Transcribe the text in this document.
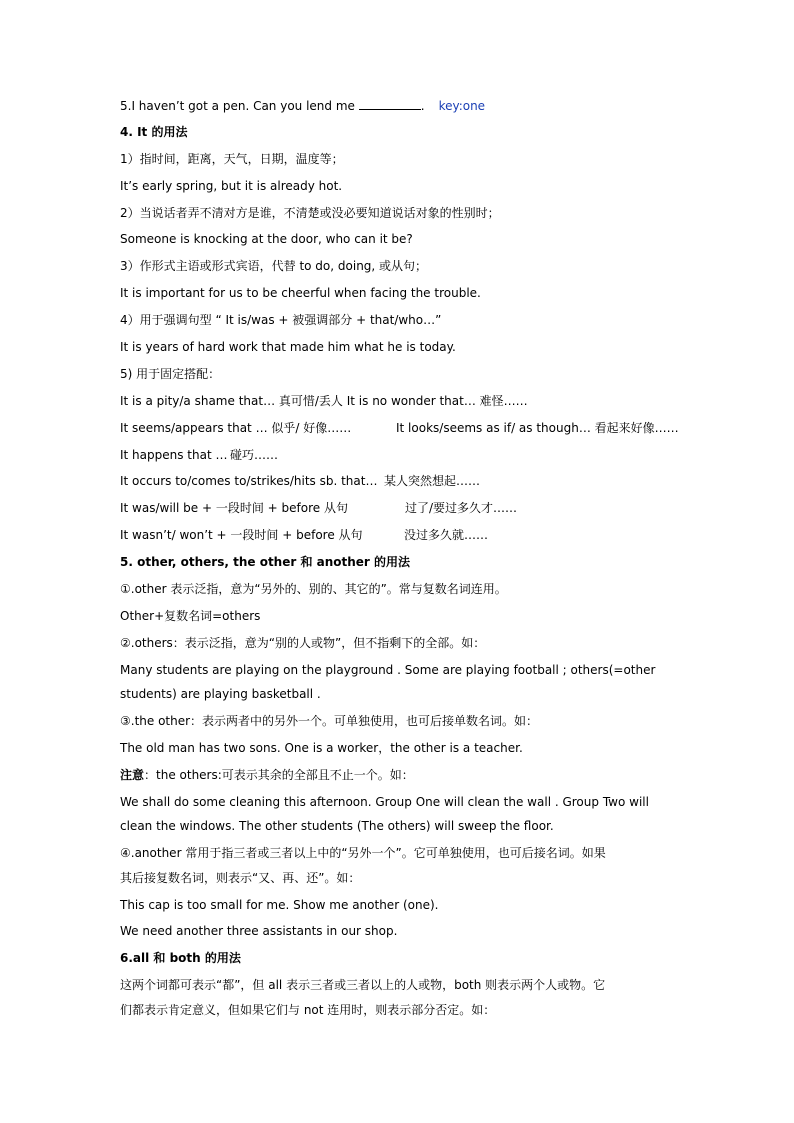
5.I haven’t got a pen. Can you lend me	. key:one
4. It 的用法
1）指时间，距离，天气，日期，温度等；
It’s early spring, but it is already hot.
2）当说话者弄不清对方是谁，不清楚或没必要知道说话对象的性别时；
Someone is knocking at the door, who can it be?
3）作形式主语或形式宾语，代替 to do, doing, 或从句；
It is important for us to be cheerful when facing the trouble.
4）用于强调句型 “ It is/was + 被强调部分 + that/who…”
It is years of hard work that made him what he is today.
5) 用于固定搭配：
It is a pity/a shame that… 真可惜/丢人 It is no wonder that… 难怪……
It seems/appears that … 似乎/ 好像……	It looks/seems as if/ as though… 看起来好像……
It happens that … 碰巧……
It occurs to/comes to/strikes/hits sb. that… 某人突然想起……
It was/will be + 一段时间 + before 从句	过了/要过多久才……
It wasn’t/ won’t + 一段时间 + before 从句	没过多久就……
5. other, others, the other 和 another 的用法
①.other 表示泛指，意为“另外的、别的、其它的”。常与复数名词连用。
Other+复数名词=others
②.others：表示泛指，意为“别的人或物”，但不指剩下的全部。如：
Many students are playing on the playground . Some are playing football ; others(=other
students) are playing basketball .
③.the other：表示两者中的另外一个。可单独使用，也可后接单数名词。如：
The old man has two sons. One is a worker，the other is a teacher.
注意：the others:可表示其余的全部且不止一个。如：
We shall do some cleaning this afternoon. Group One will clean the wall . Group Two will
clean the windows. The other students (The others) will sweep the floor.
④.another 常用于指三者或三者以上中的“另外一个”。它可单独使用，也可后接名词。如果
其后接复数名词，则表示“又、再、还”。如：
This cap is too small for me. Show me another (one).
We need another three assistants in our shop.
6.all 和 both 的用法
这两个词都可表示“都”，但 all 表示三者或三者以上的人或物，both 则表示两个人或物。它
们都表示肯定意义，但如果它们与 not 连用时，则表示部分否定。如：
